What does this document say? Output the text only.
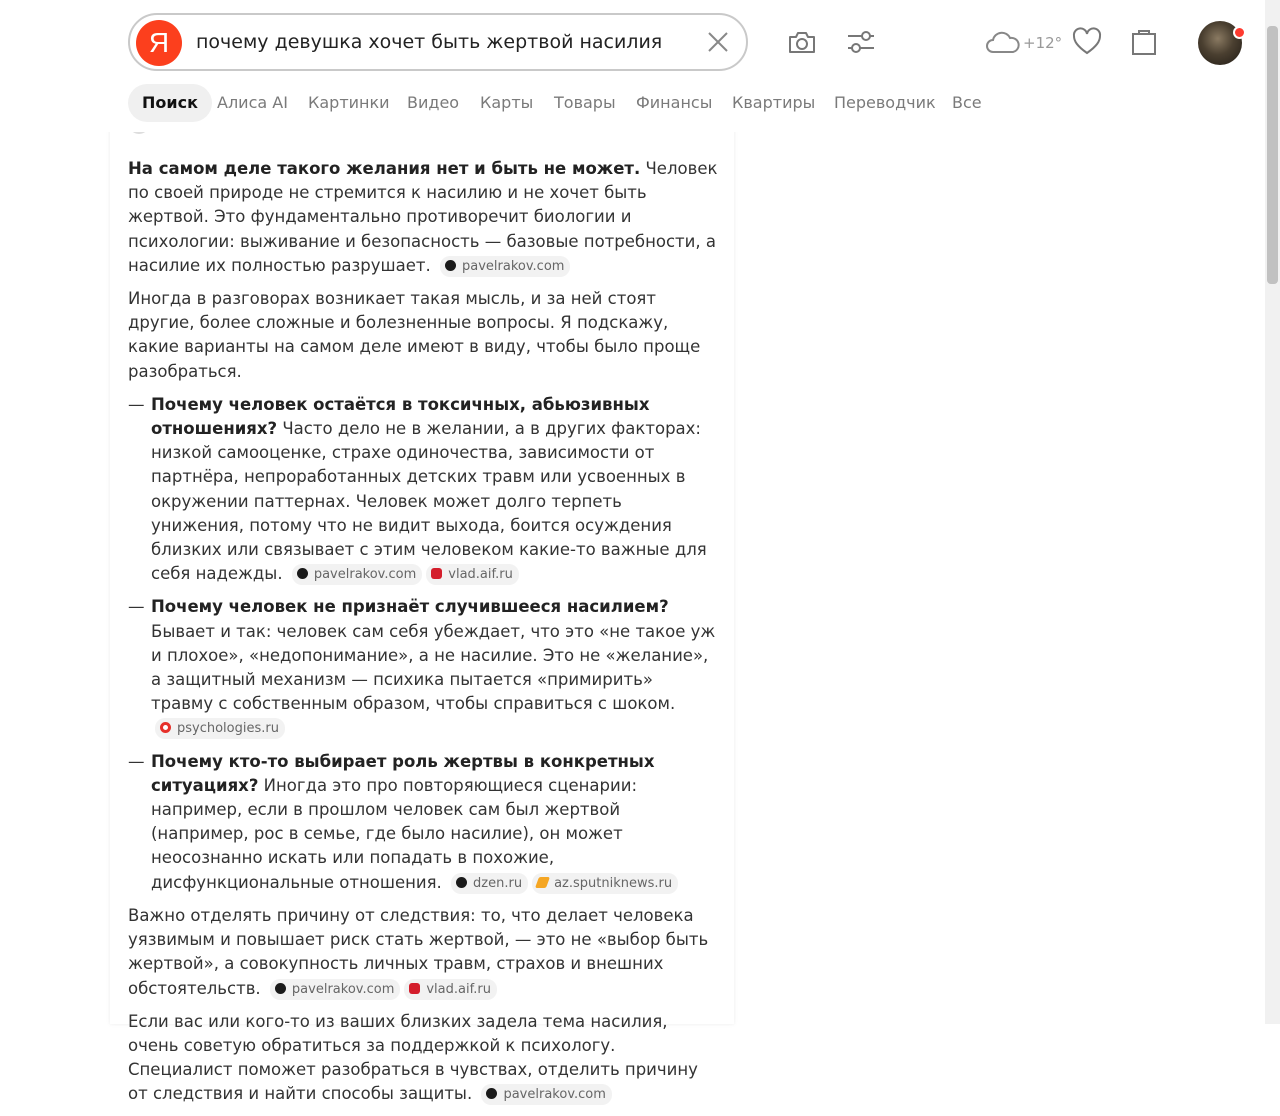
Я	почему девушка хочет быть жертвой насилия	+12°
Поиск	Алиса AI Картинки Видео Карты Товары Финансы Квартиры Переводчик Все

На самом деле такого желания нет и быть не может. Человек по своей природе не стремится к насилию и не хочет быть жертвой. Это фундаментально противоречит биологии и психологии: выживание и безопасность — базовые потребности, а насилие их полностью разрушает. pavelrakov.com

Иногда в разговорах возникает такая мысль, и за ней стоят другие, более сложные и болезненные вопросы. Я подскажу, какие варианты на самом деле имеют в виду, чтобы было проще разобраться.

— Почему человек остаётся в токсичных, абьюзивных отношениях? Часто дело не в желании, а в других факторах: низкой самооценке, страхе одиночества, зависимости от партнёра, непроработанных детских травм или усвоенных в окружении паттернах. Человек может долго терпеть унижения, потому что не видит выхода, боится осуждения близких или связывает с этим человеком какие-то важные для себя надежды. pavelrakov.com vlad.aif.ru
— Почему человек не признаёт случившееся насилием? Бывает и так: человек сам себя убеждает, что это «не такое уж и плохое», «недопонимание», а не насилие. Это не «желание», а защитный механизм — психика пытается «примирить» травму с собственным образом, чтобы справиться с шоком. psychologies.ru
— Почему кто-то выбирает роль жертвы в конкретных ситуациях? Иногда это про повторяющиеся сценарии: например, если в прошлом человек сам был жертвой (например, рос в семье, где было насилие), он может неосознанно искать или попадать в похожие, дисфункциональные отношения. dzen.ru az.sputniknews.ru

Важно отделять причину от следствия: то, что делает человека уязвимым и повышает риск стать жертвой, — это не «выбор быть жертвой», а совокупность личных травм, страхов и внешних обстоятельств. pavelrakov.com vlad.aif.ru

Если вас или кого-то из ваших близких задела тема насилия, очень советую обратиться за поддержкой к психологу. Специалист поможет разобраться в чувствах, отделить причину от следствия и найти способы защиты. pavelrakov.com
